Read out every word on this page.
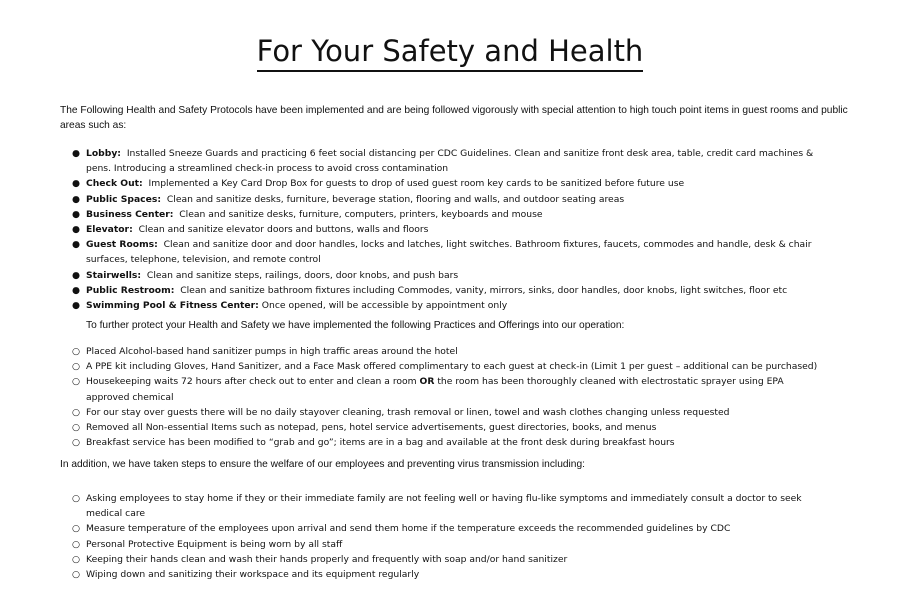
For Your Safety and Health
The Following Health and Safety Protocols have been implemented and are being followed vigorously with special attention to high touch point items in guest rooms and public areas such as:
● Lobby: Installed Sneeze Guards and practicing 6 feet social distancing per CDC Guidelines. Clean and sanitize front desk area, table, credit card machines & pens. Introducing a streamlined check-in process to avoid cross contamination
● Check Out: Implemented a Key Card Drop Box for guests to drop of used guest room key cards to be sanitized before future use
● Public Spaces: Clean and sanitize desks, furniture, beverage station, flooring and walls, and outdoor seating areas
● Business Center: Clean and sanitize desks, furniture, computers, printers, keyboards and mouse
● Elevator: Clean and sanitize elevator doors and buttons, walls and floors
● Guest Rooms: Clean and sanitize door and door handles, locks and latches, light switches. Bathroom fixtures, faucets, commodes and handle, desk & chair surfaces, telephone, television, and remote control
● Stairwells: Clean and sanitize steps, railings, doors, door knobs, and push bars
● Public Restroom: Clean and sanitize bathroom fixtures including Commodes, vanity, mirrors, sinks, door handles, door knobs, light switches, floor etc
● Swimming Pool & Fitness Center: Once opened, will be accessible by appointment only
To further protect your Health and Safety we have implemented the following Practices and Offerings into our operation:
○ Placed Alcohol-based hand sanitizer pumps in high traffic areas around the hotel
○ A PPE kit including Gloves, Hand Sanitizer, and a Face Mask offered complimentary to each guest at check-in (Limit 1 per guest – additional can be purchased)
○ Housekeeping waits 72 hours after check out to enter and clean a room OR the room has been thoroughly cleaned with electrostatic sprayer using EPA approved chemical
○ For our stay over guests there will be no daily stayover cleaning, trash removal or linen, towel and wash clothes changing unless requested
○ Removed all Non-essential Items such as notepad, pens, hotel service advertisements, guest directories, books, and menus
○ Breakfast service has been modified to “grab and go”; items are in a bag and available at the front desk during breakfast hours
In addition, we have taken steps to ensure the welfare of our employees and preventing virus transmission including:
○ Asking employees to stay home if they or their immediate family are not feeling well or having flu-like symptoms and immediately consult a doctor to seek medical care
○ Measure temperature of the employees upon arrival and send them home if the temperature exceeds the recommended guidelines by CDC
○ Personal Protective Equipment is being worn by all staff
○ Keeping their hands clean and wash their hands properly and frequently with soap and/or hand sanitizer
○ Wiping down and sanitizing their workspace and its equipment regularly
